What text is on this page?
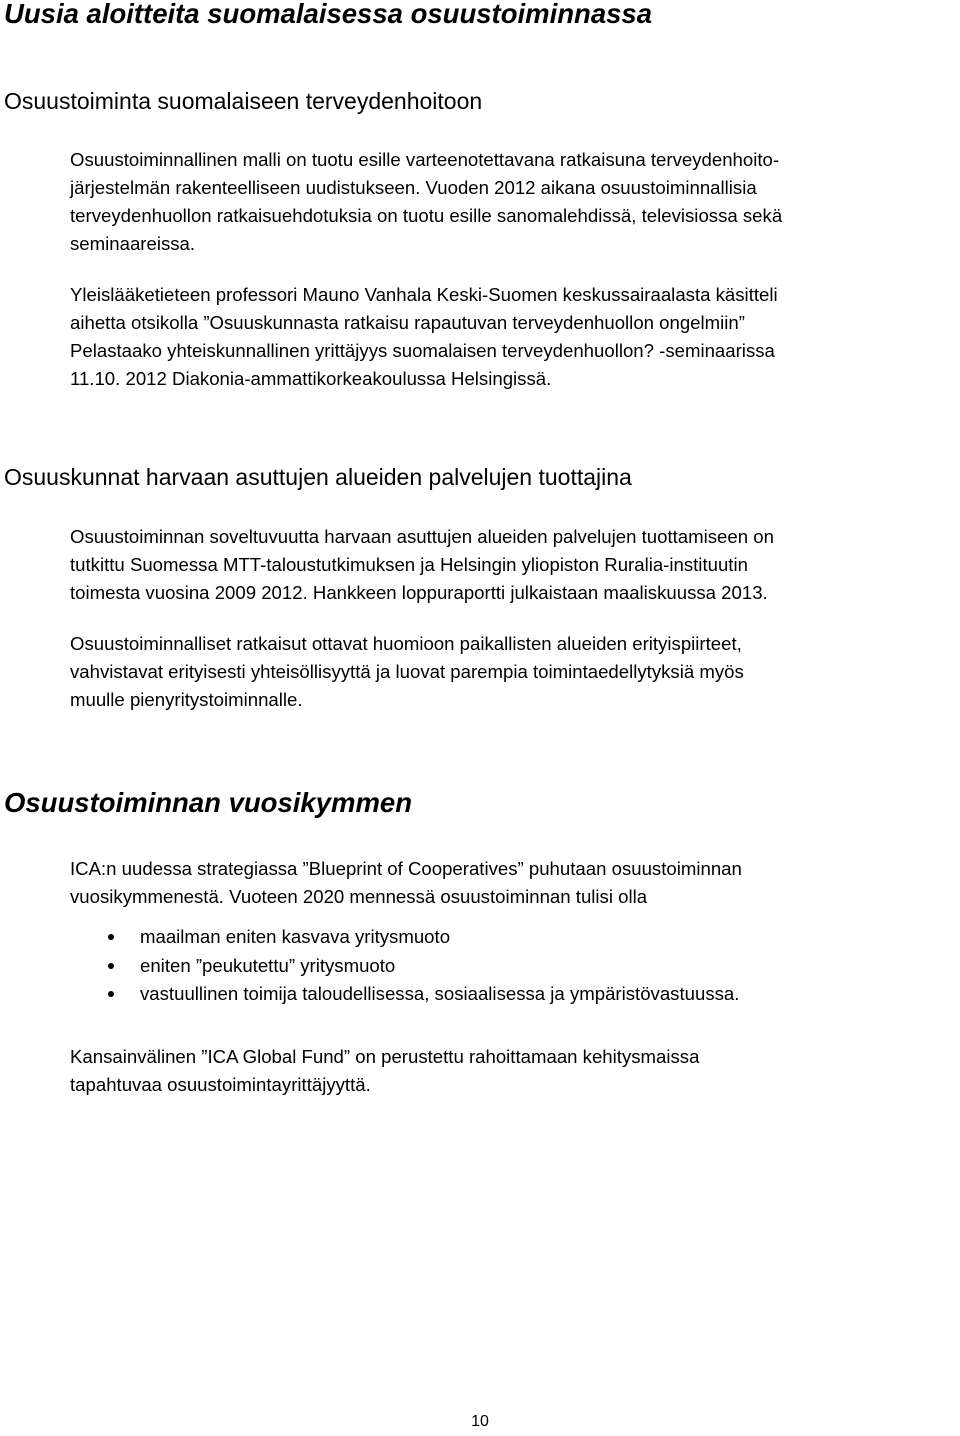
Uusia aloitteita suomalaisessa osuustoiminnassa
Osuustoiminta suomalaiseen terveydenhoitoon

Osuustoiminnallinen malli on tuotu esille varteenotettavana ratkaisuna terveydenhoito-
järjestelmän rakenteelliseen uudistukseen. Vuoden 2012 aikana osuustoiminnallisia
terveydenhuollon ratkaisuehdotuksia on tuotu esille sanomalehdissä, televisiossa sekä
seminaareissa.

Yleislääketieteen professori Mauno Vanhala Keski-Suomen keskussairaalasta käsitteli
aihetta otsikolla ”Osuuskunnasta ratkaisu rapautuvan terveydenhuollon ongelmiin”
Pelastaako yhteiskunnallinen yrittäjyys suomalaisen terveydenhuollon? -seminaarissa
11.10. 2012 Diakonia-ammattikorkeakoulussa Helsingissä.

Osuuskunnat harvaan asuttujen alueiden palvelujen tuottajina

Osuustoiminnan soveltuvuutta harvaan asuttujen alueiden palvelujen tuottamiseen on
tutkittu Suomessa MTT-taloustutkimuksen ja Helsingin yliopiston Ruralia-instituutin
toimesta vuosina 2009 2012. Hankkeen loppuraportti julkaistaan maaliskuussa 2013.

Osuustoiminnalliset ratkaisut ottavat huomioon paikallisten alueiden erityispiirteet,
vahvistavat erityisesti yhteisöllisyyttä ja luovat parempia toimintaedellytyksiä myös
muulle pienyritystoiminnalle.

Osuustoiminnan vuosikymmen

ICA:n uudessa strategiassa ”Blueprint of Cooperatives” puhutaan osuustoiminnan
vuosikymmenestä. Vuoteen 2020 mennessä osuustoiminnan tulisi olla

maailman eniten kasvava yritysmuoto
eniten ”peukutettu” yritysmuoto
vastuullinen toimija taloudellisessa, sosiaalisessa ja ympäristövastuussa.

Kansainvälinen ”ICA Global Fund” on perustettu rahoittamaan kehitysmaissa
tapahtuvaa osuustoimintayrittäjyyttä.

10
